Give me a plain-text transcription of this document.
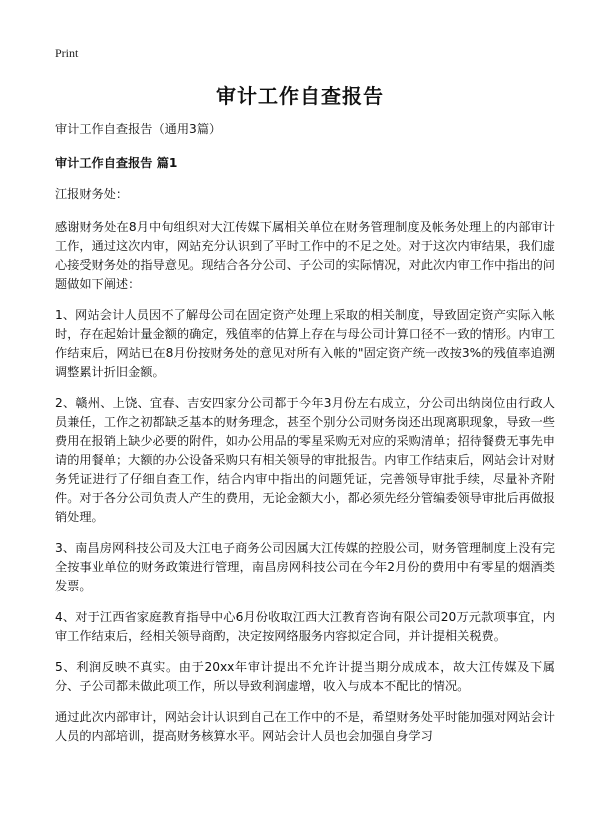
Print
审计工作自查报告

审计工作自查报告（通用3篇）

审计工作自查报告 篇1

江报财务处：

感谢财务处在8月中旬组织对大江传媒下属相关单位在财务管理制度及帐务处理上的内部审计工作，通过这次内审，网站充分认识到了平时工作中的不足之处。对于这次内审结果，我们虚心接受财务处的指导意见。现结合各分公司、子公司的实际情况，对此次内审工作中指出的问题做如下阐述：

1、网站会计人员因不了解母公司在固定资产处理上采取的相关制度，导致固定资产实际入帐时，存在起始计量金额的确定，残值率的估算上存在与母公司计算口径不一致的情形。内审工作结束后，网站已在8月份按财务处的意见对所有入帐的"固定资产统一改按3%的残值率追溯调整累计折旧金额。

2、赣州、上饶、宜春、吉安四家分公司都于今年3月份左右成立，分公司出纳岗位由行政人员兼任，工作之初都缺乏基本的财务理念，甚至个别分公司财务岗还出现离职现象，导致一些费用在报销上缺少必要的附件，如办公用品的零星采购无对应的采购清单；招待餐费无事先申请的用餐单；大额的办公设备采购只有相关领导的审批报告。内审工作结束后，网站会计对财务凭证进行了仔细自查工作，结合内审中指出的问题凭证，完善领导审批手续，尽量补齐附件。对于各分公司负责人产生的费用，无论金额大小，都必须先经分管编委领导审批后再做报销处理。

3、南昌房网科技公司及大江电子商务公司因属大江传媒的控股公司，财务管理制度上没有完全按事业单位的财务政策进行管理，南昌房网科技公司在今年2月份的费用中有零星的烟酒类发票。

4、对于江西省家庭教育指导中心6月份收取江西大江教育咨询有限公司20万元款项事宜，内审工作结束后，经相关领导商酌，决定按网络服务内容拟定合同，并计提相关税费。

5、利润反映不真实。由于20xx年审计提出不允许计提当期分成成本，故大江传媒及下属分、子公司都未做此项工作，所以导致利润虚增，收入与成本不配比的情况。

通过此次内部审计，网站会计认识到自己在工作中的不是，希望财务处平时能加强对网站会计人员的内部培训，提高财务核算水平。网站会计人员也会加强自身学习
